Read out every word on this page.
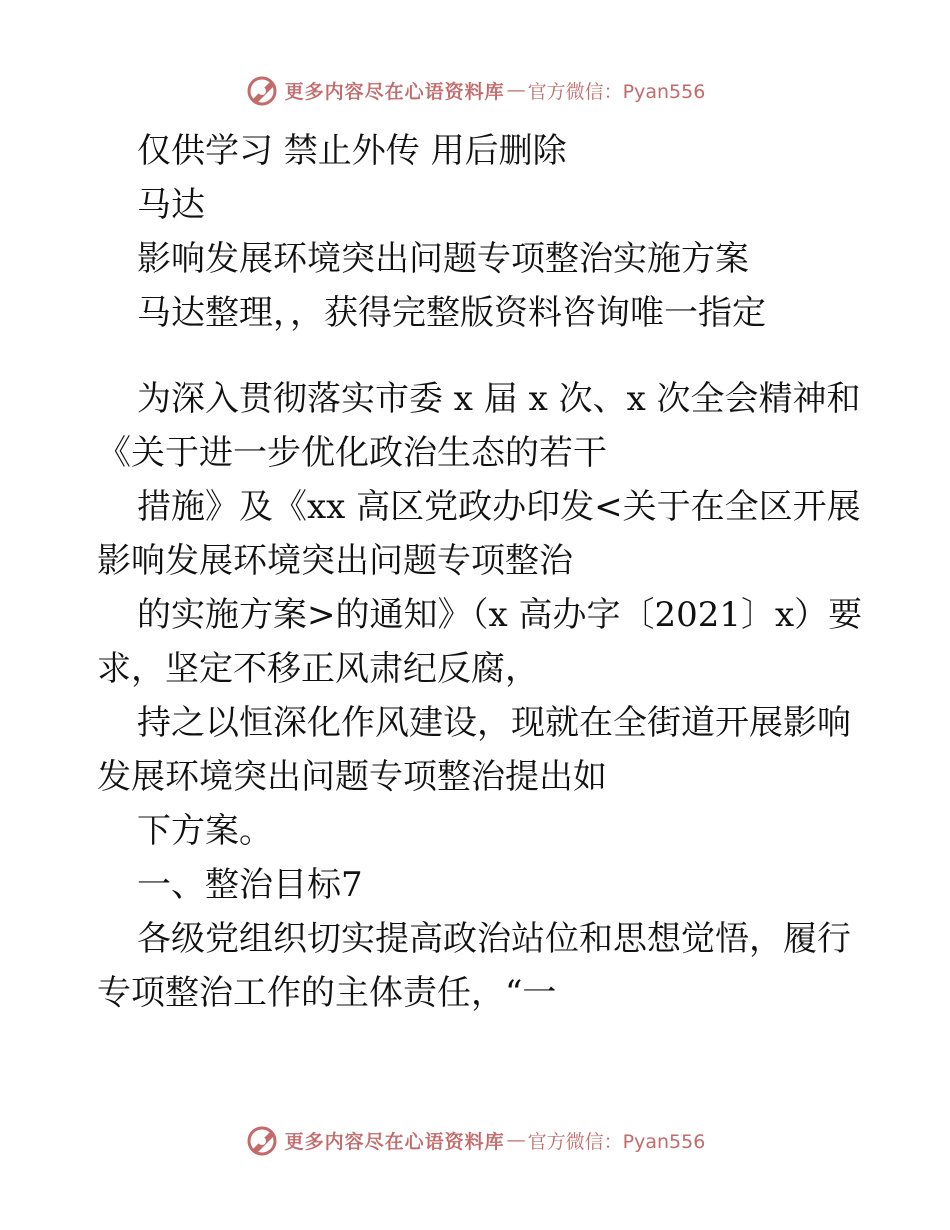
更多内容尽在心语资料库 — 官方微信：Pyan556
仅供学习 禁止外传 用后删除
马达
影响发展环境突出问题专项整治实施方案
马达整理，，获得完整版资料咨询唯一指定
为深入贯彻落实市委 x 届 x 次、x 次全会精神和
《关于进一步优化政治生态的若干
措施》及《xx 高区党政办印发<关于在全区开展
影响发展环境突出问题专项整治
的实施方案>的通知》（x 高办字〔2021〕x）要
求，坚定不移正风肃纪反腐，
持之以恒深化作风建设，现就在全街道开展影响
发展环境突出问题专项整治提出如
下方案。
一、整治目标7
各级党组织切实提高政治站位和思想觉悟，履行
专项整治工作的主体责任，“一
更多内容尽在心语资料库 — 官方微信：Pyan556
